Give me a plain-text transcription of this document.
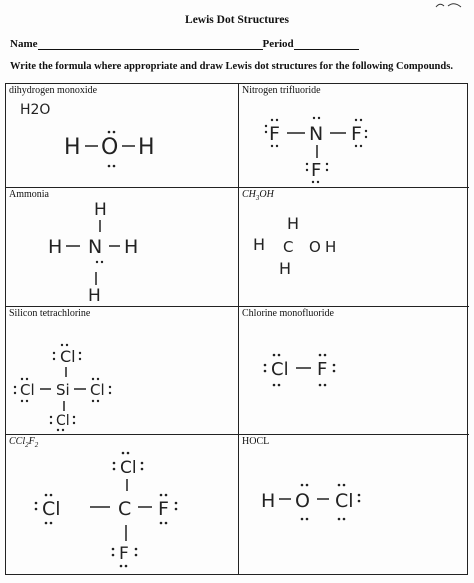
Lewis Dot Structures
Name	Period
Write the formula where appropriate and draw Lewis dot structures for the following Compounds.
dihydrogen monoxide
H2O
H O H
Nitrogen trifluoride
F N F
F
Ammonia
H
H N H
H
$CH_3OH$
H
H C O H
H
Silicon tetrachlorine
Cl
Cl Si Cl
Cl
Chlorine monofluoride
Cl F
$CCl_2F_2$
Cl
Cl	C F
F
HOCL
H O Cl
